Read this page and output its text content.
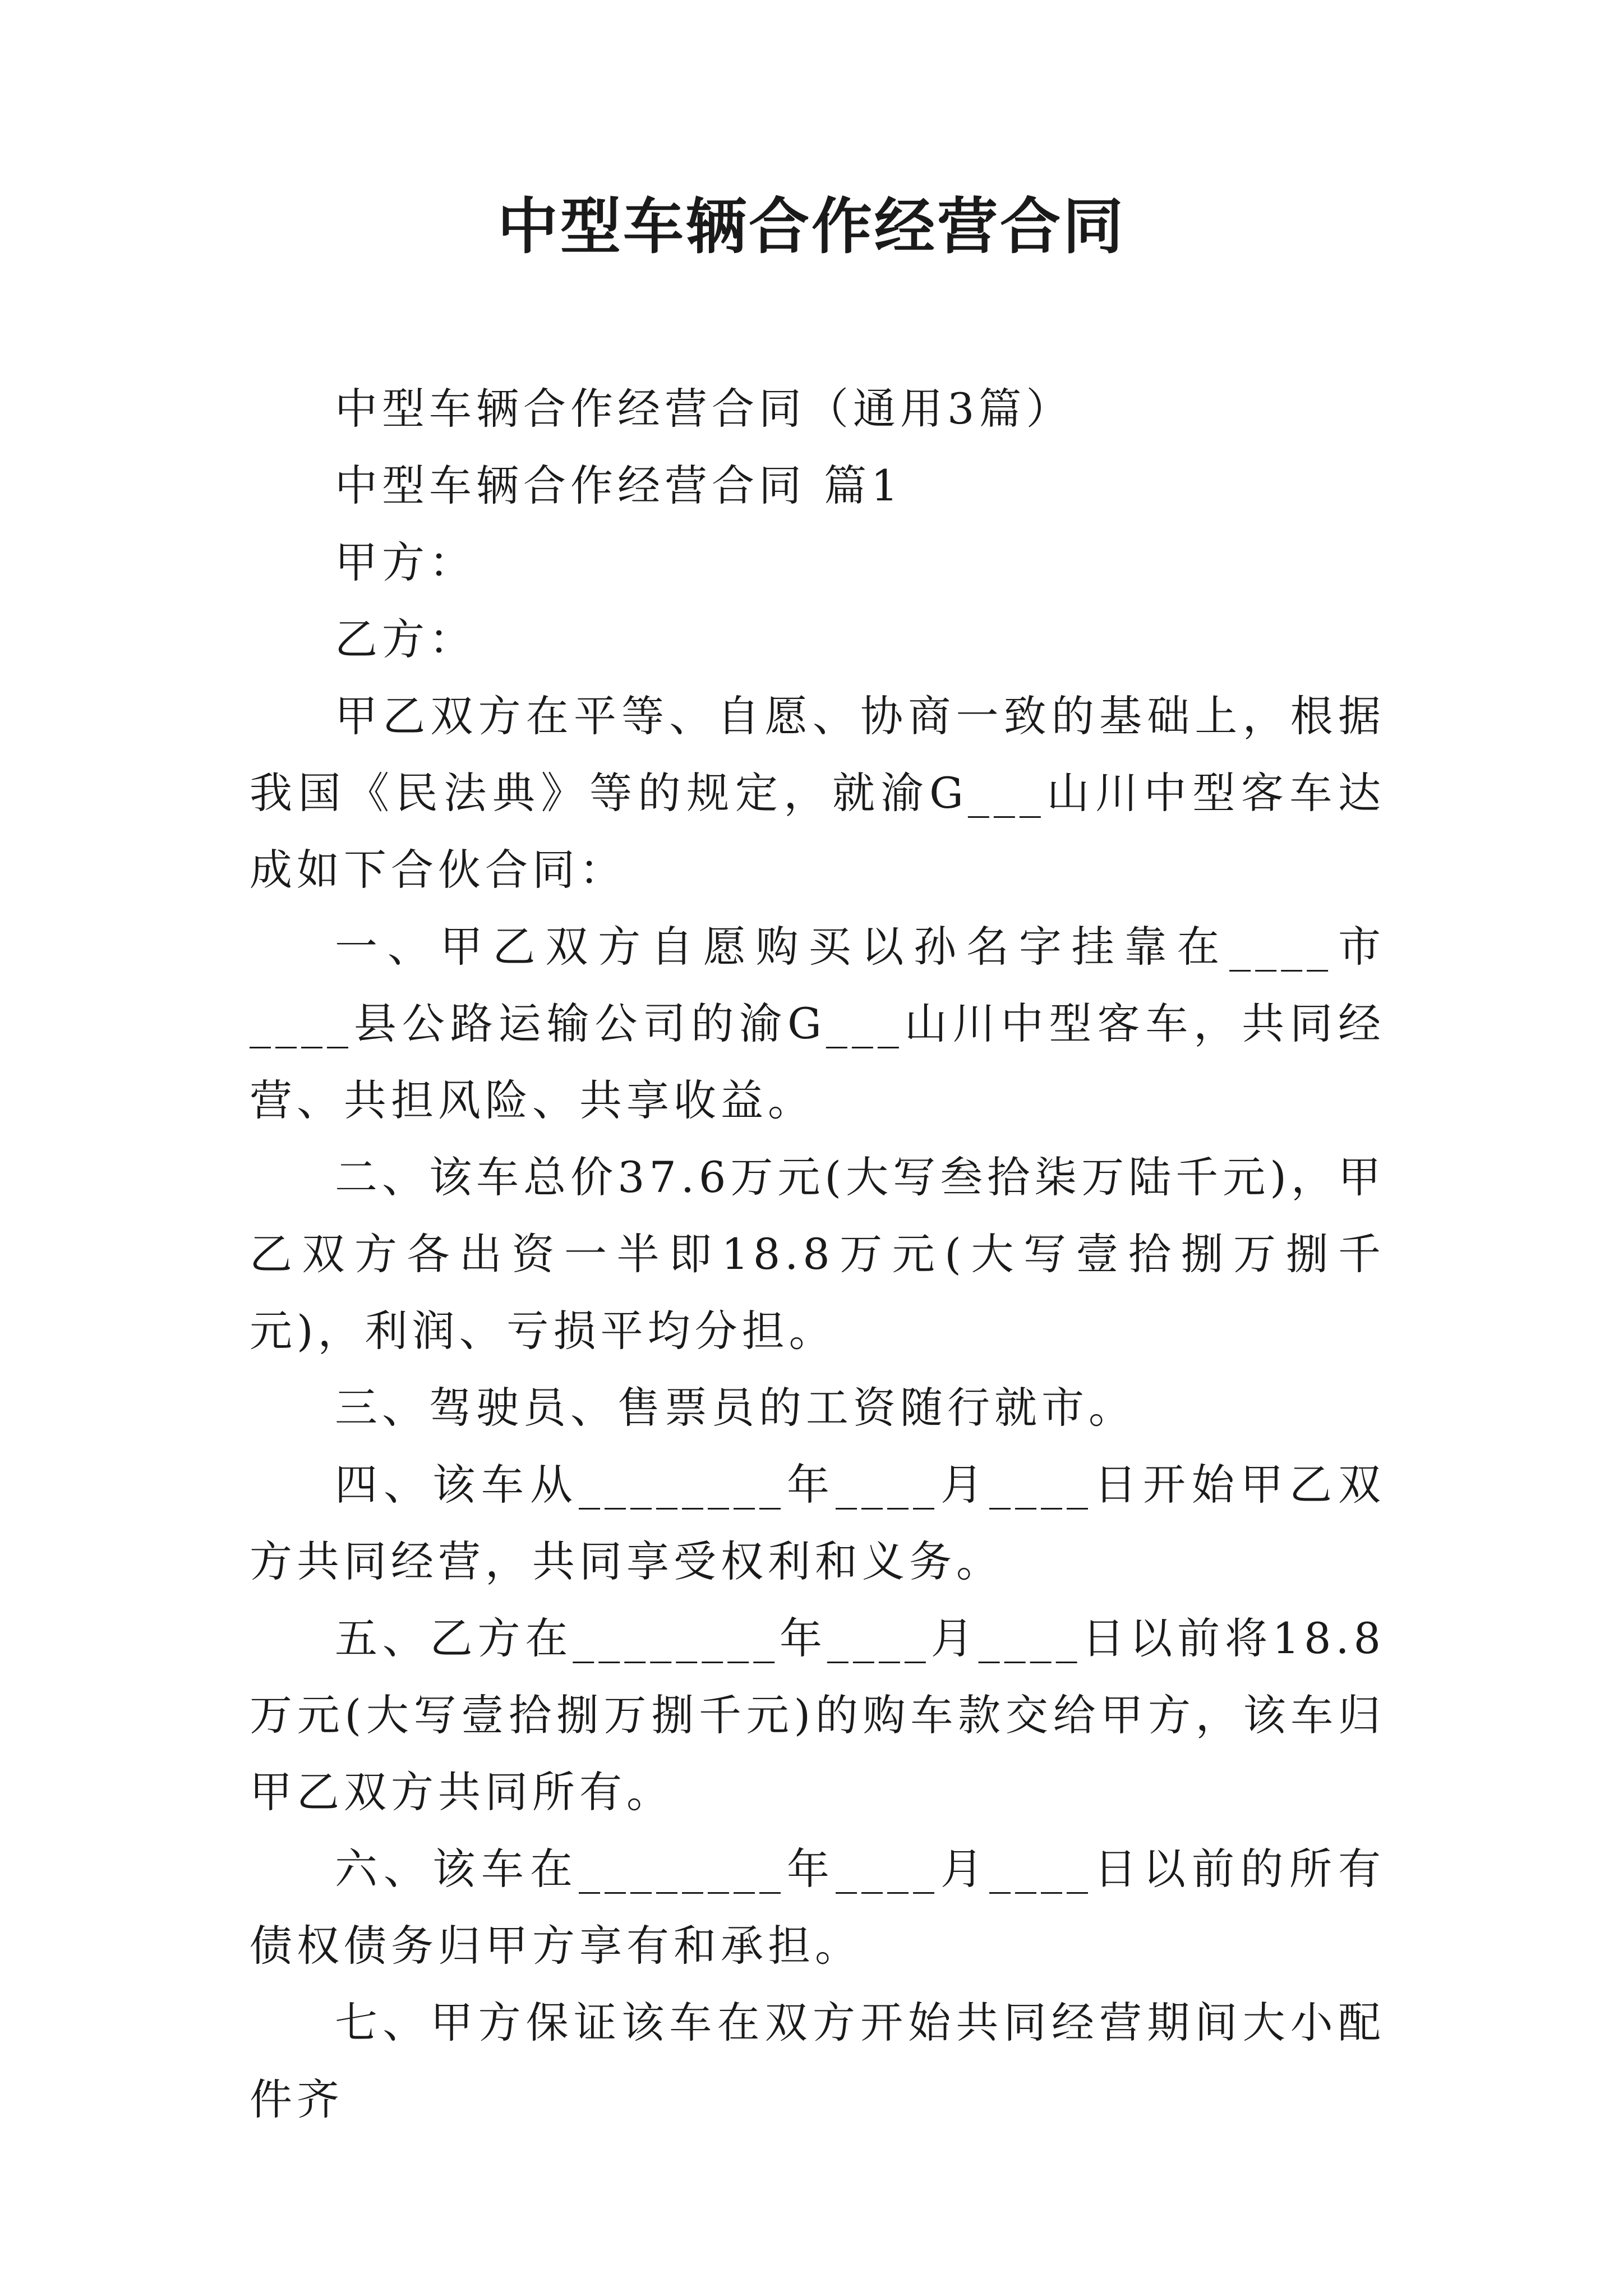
中型车辆合作经营合同

中型车辆合作经营合同（通用3篇）

中型车辆合作经营合同 篇1

甲方：

乙方：

甲乙双方在平等、自愿、协商一致的基础上，根据我国《民法典》等的规定，就渝G___山川中型客车达成如下合伙合同：

一、甲乙双方自愿购买以孙名字挂靠在____市____县公路运输公司的渝G___山川中型客车，共同经营、共担风险、共享收益。

二、该车总价37.6万元(大写叁拾柒万陆千元)，甲乙双方各出资一半即18.8万元(大写壹拾捌万捌千元)，利润、亏损平均分担。

三、驾驶员、售票员的工资随行就市。

四、该车从________年____月____日开始甲乙双方共同经营，共同享受权利和义务。

五、乙方在________年____月____日以前将18.8万元(大写壹拾捌万捌千元)的购车款交给甲方，该车归甲乙双方共同所有。

六、该车在________年____月____日以前的所有债权债务归甲方享有和承担。

七、甲方保证该车在双方开始共同经营期间大小配件齐
